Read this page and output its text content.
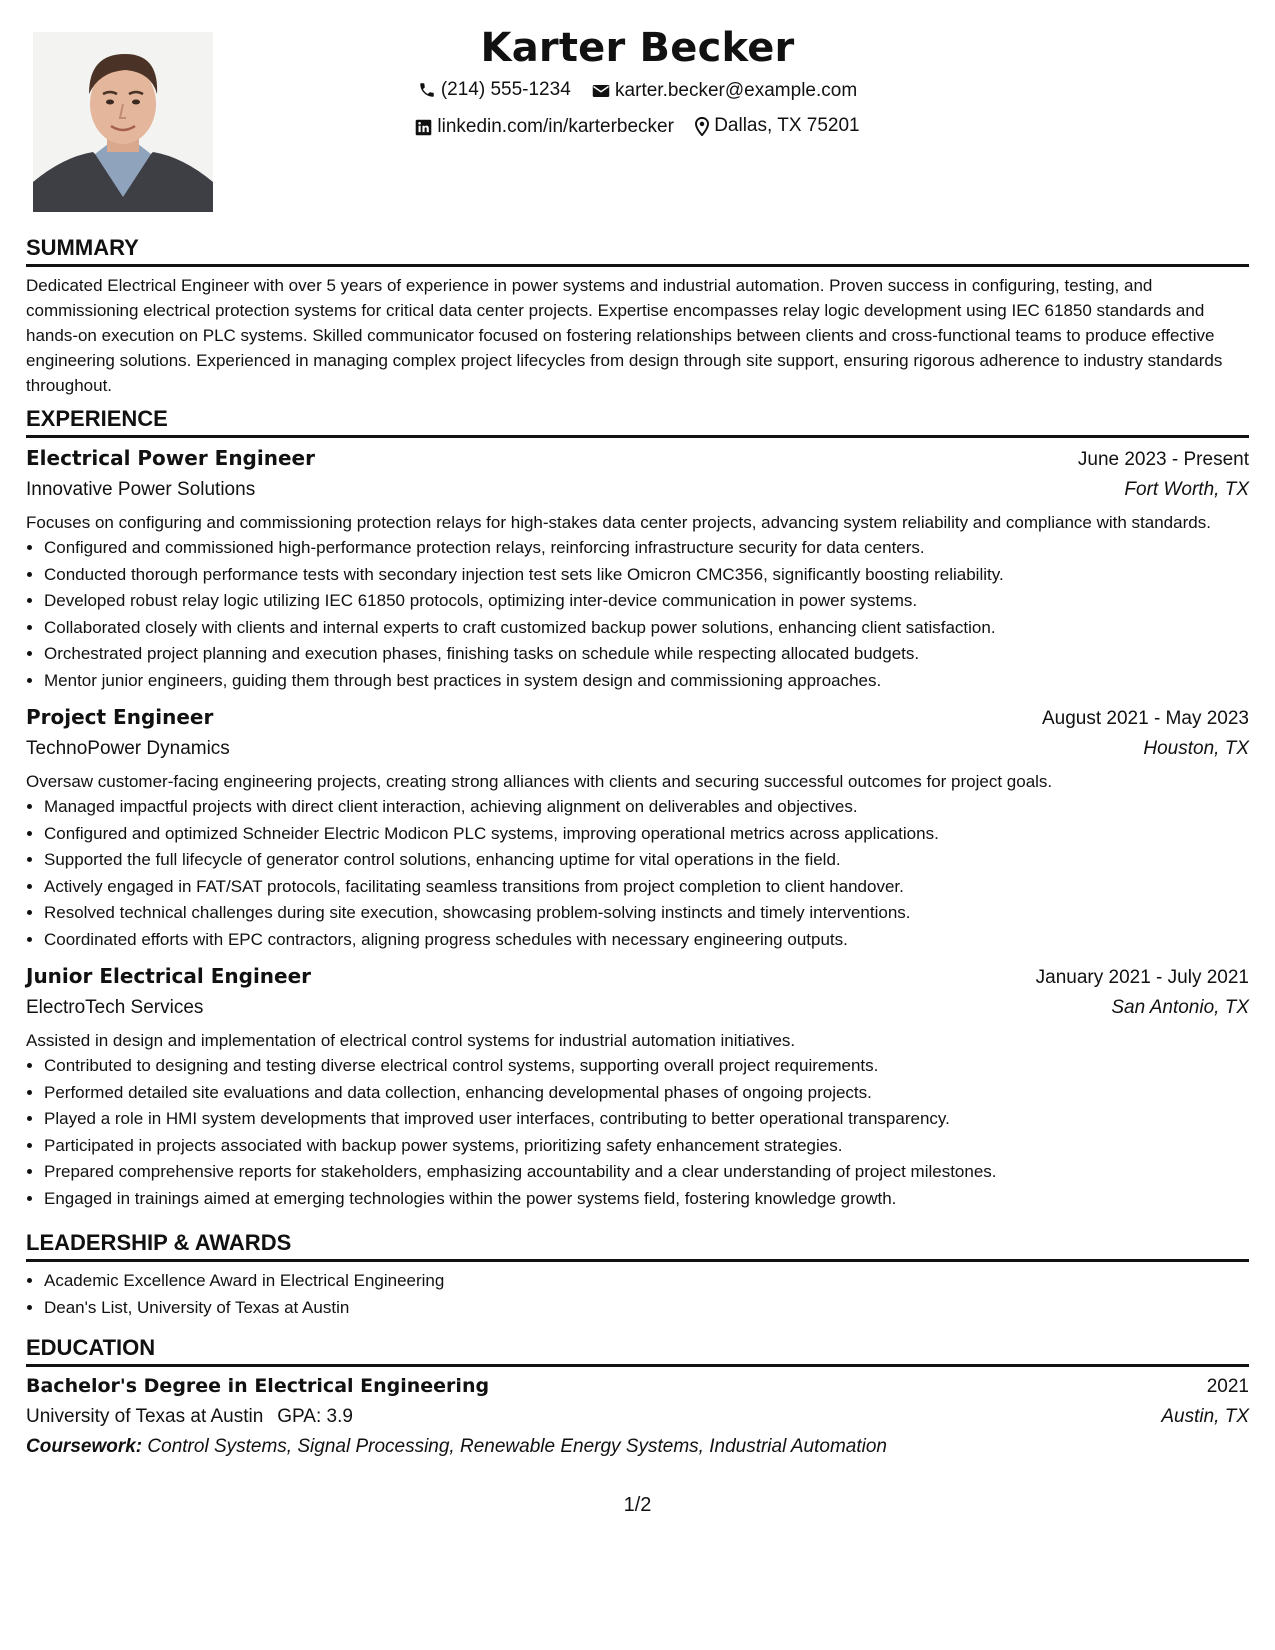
Karter Becker
(214) 555-1234
karter.becker@example.com
linkedin.com/in/karterbecker
Dallas, TX 75201
SUMMARY
Dedicated Electrical Engineer with over 5 years of experience in power systems and industrial automation. Proven success in configuring, testing, and commissioning electrical protection systems for critical data center projects. Expertise encompasses relay logic development using IEC 61850 standards and hands-on execution on PLC systems. Skilled communicator focused on fostering relationships between clients and cross-functional teams to produce effective engineering solutions. Experienced in managing complex project lifecycles from design through site support, ensuring rigorous adherence to industry standards throughout.
EXPERIENCE
Electrical Power Engineer	June 2023 - Present
Innovative Power Solutions	Fort Worth, TX
Focuses on configuring and commissioning protection relays for high-stakes data center projects, advancing system reliability and compliance with standards.
• Configured and commissioned high-performance protection relays, reinforcing infrastructure security for data centers.
• Conducted thorough performance tests with secondary injection test sets like Omicron CMC356, significantly boosting reliability.
• Developed robust relay logic utilizing IEC 61850 protocols, optimizing inter-device communication in power systems.
• Collaborated closely with clients and internal experts to craft customized backup power solutions, enhancing client satisfaction.
• Orchestrated project planning and execution phases, finishing tasks on schedule while respecting allocated budgets.
• Mentor junior engineers, guiding them through best practices in system design and commissioning approaches.
Project Engineer	August 2021 - May 2023
TechnoPower Dynamics	Houston, TX
Oversaw customer-facing engineering projects, creating strong alliances with clients and securing successful outcomes for project goals.
• Managed impactful projects with direct client interaction, achieving alignment on deliverables and objectives.
• Configured and optimized Schneider Electric Modicon PLC systems, improving operational metrics across applications.
• Supported the full lifecycle of generator control solutions, enhancing uptime for vital operations in the field.
• Actively engaged in FAT/SAT protocols, facilitating seamless transitions from project completion to client handover.
• Resolved technical challenges during site execution, showcasing problem-solving instincts and timely interventions.
• Coordinated efforts with EPC contractors, aligning progress schedules with necessary engineering outputs.
Junior Electrical Engineer	January 2021 - July 2021
ElectroTech Services	San Antonio, TX
Assisted in design and implementation of electrical control systems for industrial automation initiatives.
• Contributed to designing and testing diverse electrical control systems, supporting overall project requirements.
• Performed detailed site evaluations and data collection, enhancing developmental phases of ongoing projects.
• Played a role in HMI system developments that improved user interfaces, contributing to better operational transparency.
• Participated in projects associated with backup power systems, prioritizing safety enhancement strategies.
• Prepared comprehensive reports for stakeholders, emphasizing accountability and a clear understanding of project milestones.
• Engaged in trainings aimed at emerging technologies within the power systems field, fostering knowledge growth.
LEADERSHIP & AWARDS
• Academic Excellence Award in Electrical Engineering
• Dean's List, University of Texas at Austin
EDUCATION
Bachelor's Degree in Electrical Engineering	2021
University of Texas at Austin GPA: 3.9	Austin, TX
Coursework: Control Systems, Signal Processing, Renewable Energy Systems, Industrial Automation
1/2
